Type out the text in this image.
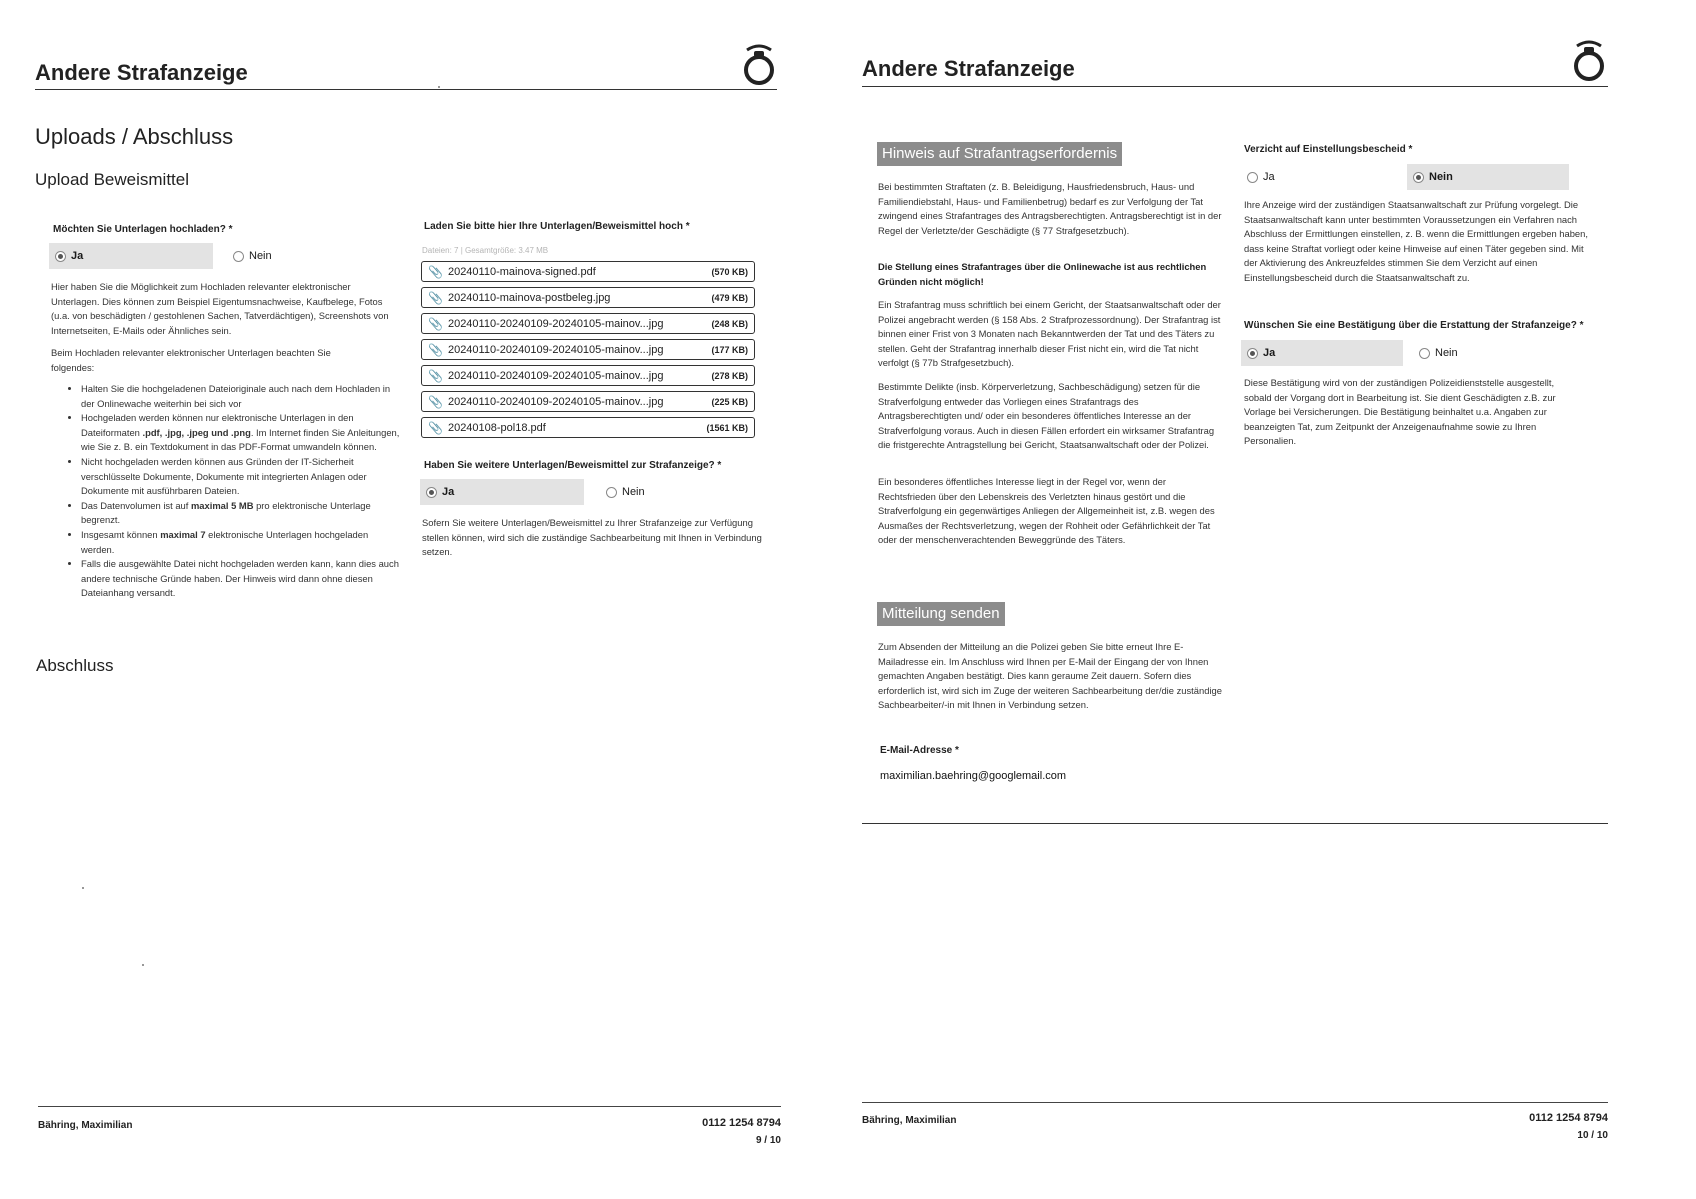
Andere Strafanzeige
Uploads / Abschluss
Upload Beweismittel
Möchten Sie Unterlagen hochladen? *
Ja	Nein
Hier haben Sie die Möglichkeit zum Hochladen relevanter elektronischer Unterlagen. Dies können zum Beispiel Eigentumsnachweise, Kaufbelege, Fotos (u.a. von beschädigten / gestohlenen Sachen, Tatverdächtigen), Screenshots von Internetseiten, E-Mails oder Ähnliches sein.
Beim Hochladen relevanter elektronischer Unterlagen beachten Sie folgendes:
• Halten Sie die hochgeladenen Dateioriginale auch nach dem Hochladen in der Onlinewache weiterhin bei sich vor
• Hochgeladen werden können nur elektronische Unterlagen in den Dateiformaten .pdf, .jpg, .jpeg und .png. Im Internet finden Sie Anleitungen, wie Sie z. B. ein Textdokument in das PDF-Format umwandeln können.
• Nicht hochgeladen werden können aus Gründen der IT-Sicherheit verschlüsselte Dokumente, Dokumente mit integrierten Anlagen oder Dokumente mit ausführbaren Dateien.
• Das Datenvolumen ist auf maximal 5 MB pro elektronische Unterlage begrenzt.
• Insgesamt können maximal 7 elektronische Unterlagen hochgeladen werden.
• Falls die ausgewählte Datei nicht hochgeladen werden kann, kann dies auch andere technische Gründe haben. Der Hinweis wird dann ohne diesen Dateianhang versandt.
Abschluss
Laden Sie bitte hier Ihre Unterlagen/Beweismittel hoch *
Dateien: 7 | Gesamtgröße: 3.47 MB
📎 20240110-mainova-signed.pdf	(570 KB)
📎 20240110-mainova-postbeleg.jpg	(479 KB)
📎 20240110-20240109-20240105-mainov...jpg	(248 KB)
📎 20240110-20240109-20240105-mainov...jpg	(177 KB)
📎 20240110-20240109-20240105-mainov...jpg	(278 KB)
📎 20240110-20240109-20240105-mainov...jpg	(225 KB)
📎 20240108-pol18.pdf	(1561 KB)
Haben Sie weitere Unterlagen/Beweismittel zur Strafanzeige? *
Ja	Nein
Sofern Sie weitere Unterlagen/Beweismittel zu Ihrer Strafanzeige zur Verfügung stellen können, wird sich die zuständige Sachbearbeitung mit Ihnen in Verbindung setzen.
Bähring, Maximilian	0112 1254 8794
9 / 10
Andere Strafanzeige
Hinweis auf Strafantragserfordernis
Bei bestimmten Straftaten (z. B. Beleidigung, Hausfriedensbruch, Haus- und Familiendiebstahl, Haus- und Familienbetrug) bedarf es zur Verfolgung der Tat zwingend eines Strafantrages des Antragsberechtigten. Antragsberechtigt ist in der Regel der Verletzte/der Geschädigte (§ 77 Strafgesetzbuch).
Die Stellung eines Strafantrages über die Onlinewache ist aus rechtlichen Gründen nicht möglich!
Ein Strafantrag muss schriftlich bei einem Gericht, der Staatsanwaltschaft oder der Polizei angebracht werden (§ 158 Abs. 2 Strafprozessordnung). Der Strafantrag ist binnen einer Frist von 3 Monaten nach Bekanntwerden der Tat und des Täters zu stellen. Geht der Strafantrag innerhalb dieser Frist nicht ein, wird die Tat nicht verfolgt (§ 77b Strafgesetzbuch).
Bestimmte Delikte (insb. Körperverletzung, Sachbeschädigung) setzen für die Strafverfolgung entweder das Vorliegen eines Strafantrags des Antragsberechtigten und/ oder ein besonderes öffentliches Interesse an der Strafverfolgung voraus. Auch in diesen Fällen erfordert ein wirksamer Strafantrag die fristgerechte Antragstellung bei Gericht, Staatsanwaltschaft oder der Polizei.
Ein besonderes öffentliches Interesse liegt in der Regel vor, wenn der Rechtsfrieden über den Lebenskreis des Verletzten hinaus gestört und die Strafverfolgung ein gegenwärtiges Anliegen der Allgemeinheit ist, z.B. wegen des Ausmaßes der Rechtsverletzung, wegen der Rohheit oder Gefährlichkeit der Tat oder der menschenverachtenden Beweggründe des Täters.
Mitteilung senden
Zum Absenden der Mitteilung an die Polizei geben Sie bitte erneut Ihre E-Mailadresse ein. Im Anschluss wird Ihnen per E-Mail der Eingang der von Ihnen gemachten Angaben bestätigt. Dies kann geraume Zeit dauern. Sofern dies erforderlich ist, wird sich im Zuge der weiteren Sachbearbeitung der/die zuständige Sachbearbeiter/-in mit Ihnen in Verbindung setzen.
E-Mail-Adresse *
maximilian.baehring@googlemail.com
Verzicht auf Einstellungsbescheid *
Ja	Nein
Ihre Anzeige wird der zuständigen Staatsanwaltschaft zur Prüfung vorgelegt. Die Staatsanwaltschaft kann unter bestimmten Voraussetzungen ein Verfahren nach Abschluss der Ermittlungen einstellen, z. B. wenn die Ermittlungen ergeben haben, dass keine Straftat vorliegt oder keine Hinweise auf einen Täter gegeben sind. Mit der Aktivierung des Ankreuzfeldes stimmen Sie dem Verzicht auf einen Einstellungsbescheid durch die Staatsanwaltschaft zu.
Wünschen Sie eine Bestätigung über die Erstattung der Strafanzeige? *
Ja	Nein
Diese Bestätigung wird von der zuständigen Polizeidienststelle ausgestellt, sobald der Vorgang dort in Bearbeitung ist. Sie dient Geschädigten z.B. zur Vorlage bei Versicherungen. Die Bestätigung beinhaltet u.a. Angaben zur beanzeigten Tat, zum Zeitpunkt der Anzeigenaufnahme sowie zu Ihren Personalien.
Bähring, Maximilian	0112 1254 8794
10 / 10
